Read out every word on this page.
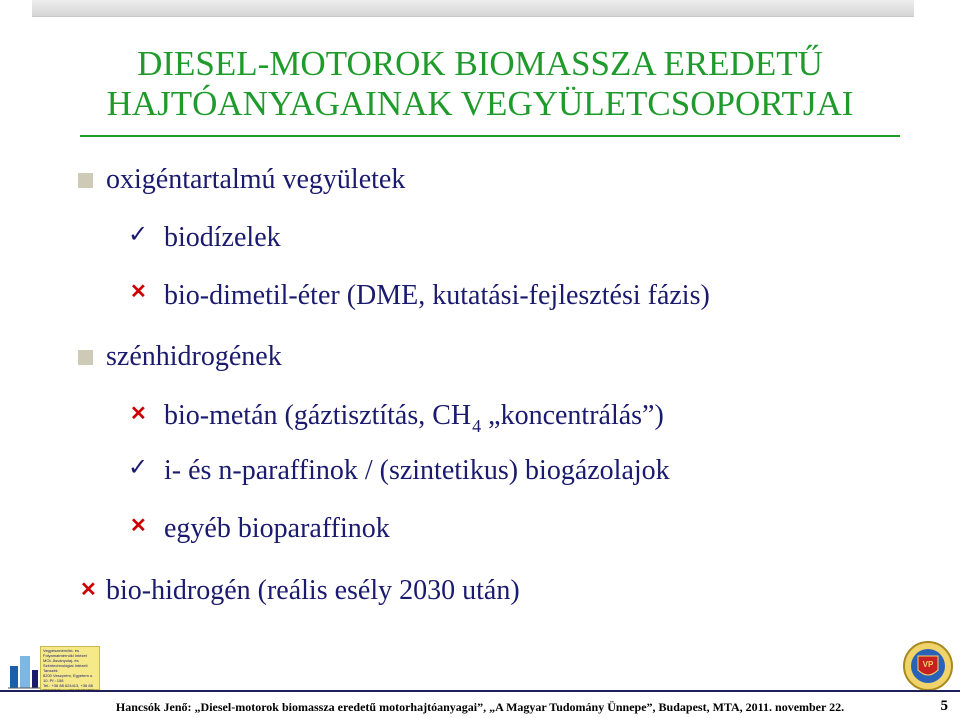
DIESEL-MOTOROK BIOMASSZA EREDETŰ
HAJTÓANYAGAINAK VEGYÜLETCSOPORTJAI
oxigéntartalmú vegyületek
✓ biodízelek
✕ bio-dimetil-éter (DME, kutatási-fejlesztési fázis)
szénhidrogének
✕ bio-metán (gáztisztítás, $CH_4$ „koncentrálás”)
✓ i- és n-paraffinok / (szintetikus) biogázolajok
✕ egyéb bioparaffinok
✕ bio-hidrogén (reális esély 2030 után)
Vegyészmérnöki- és
Folyamatmérnöki Intézet
MOL Ásványolaj- és
Széntechnológiai Intézeti
Tanszék
8200 Veszprém, Egyetem u. 10. Pf.: 158
Tel.: +36 88 624413, +36 88
VP
Hancsók Jenő: „Diesel-motorok biomassza eredetű motorhajtóanyagai”, „A Magyar Tudomány Ünnepe”, Budapest, MTA, 2011. november 22.	5
